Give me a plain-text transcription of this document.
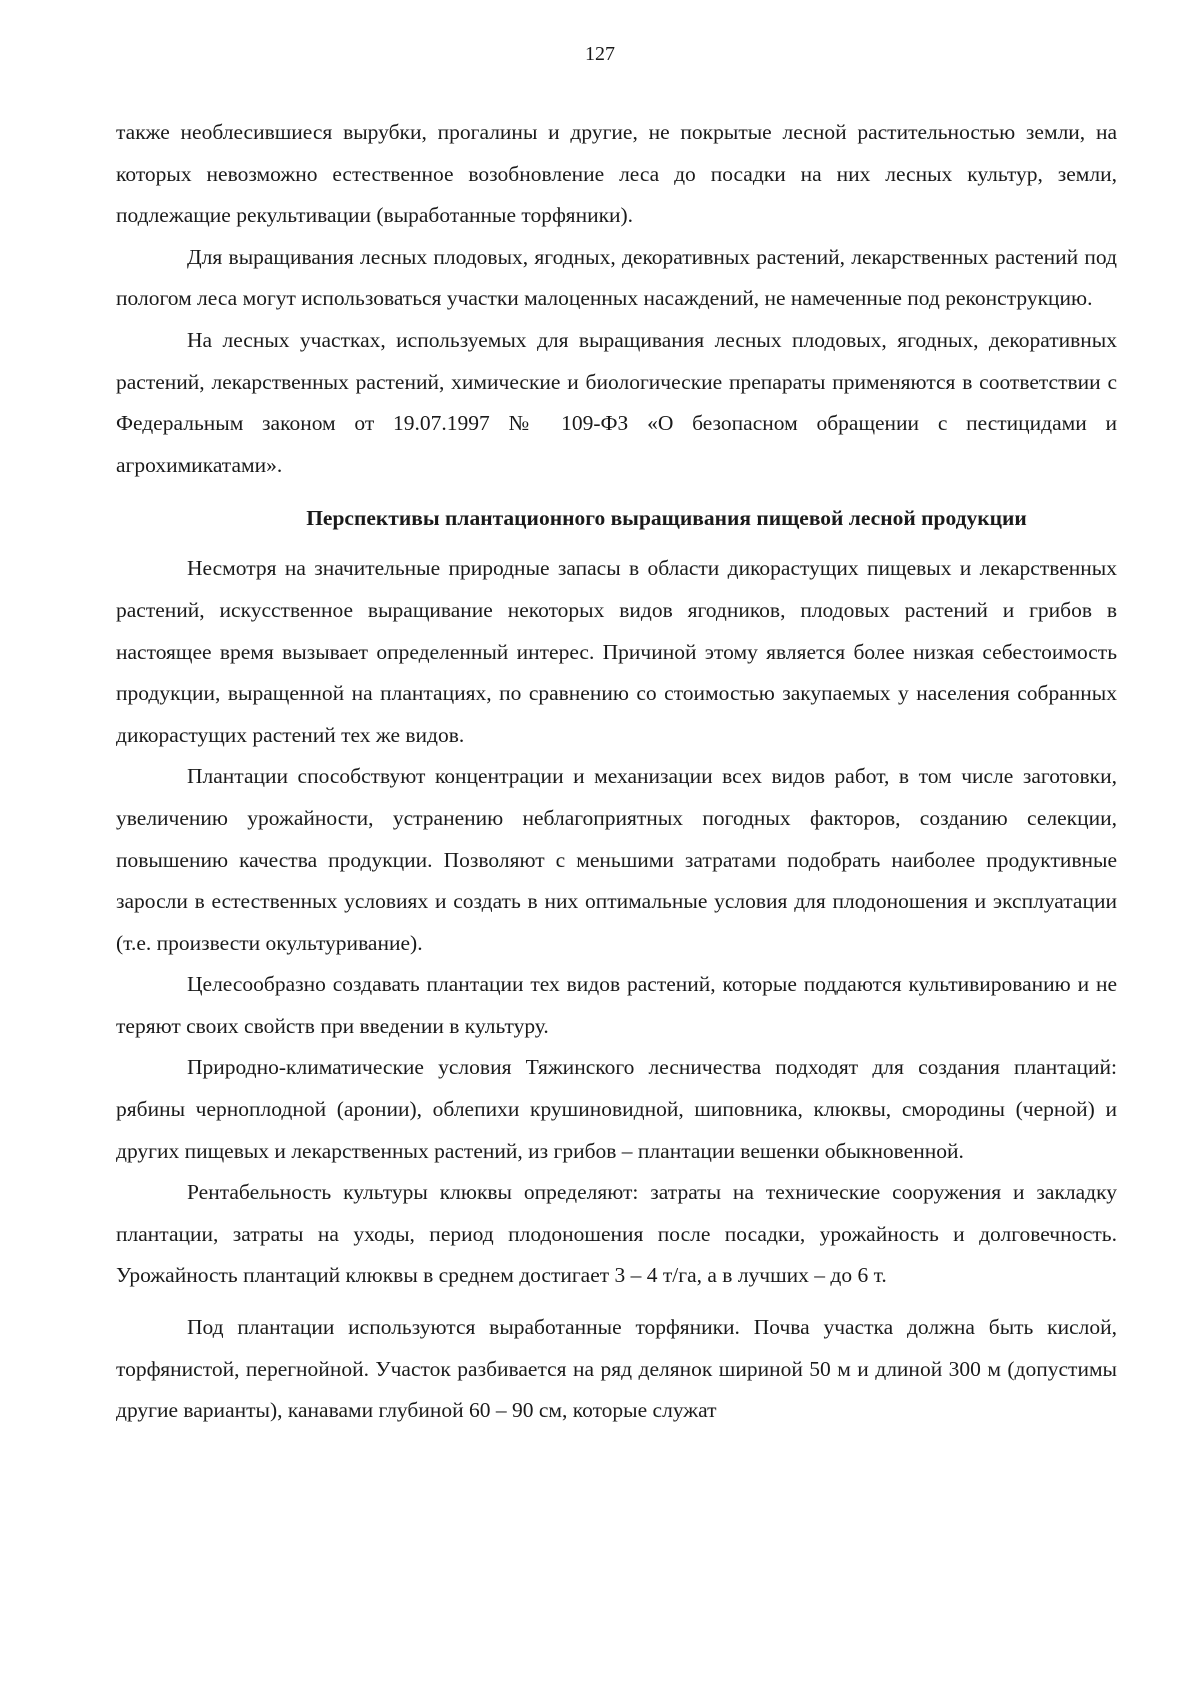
127

также необлесившиеся вырубки, прогалины и другие, не покрытые лесной растительностью земли, на которых невозможно естественное возобновление леса до посадки на них лесных культур, земли, подлежащие рекультивации (выработанные торфяники).

Для выращивания лесных плодовых, ягодных, декоративных растений, лекарственных растений под пологом леса могут использоваться участки малоценных насаждений, не намеченные под реконструкцию.

На лесных участках, используемых для выращивания лесных плодовых, ягодных, декоративных растений, лекарственных растений, химические и биологические препараты применяются в соответствии с Федеральным законом от 19.07.1997 № 109-ФЗ «О безопасном обращении с пестицидами и агрохимикатами».

Перспективы плантационного выращивания пищевой лесной продукции

Несмотря на значительные природные запасы в области дикорастущих пищевых и лекарственных растений, искусственное выращивание некоторых видов ягодников, плодовых растений и грибов в настоящее время вызывает определенный интерес. Причиной этому является более низкая себестоимость продукции, выращенной на плантациях, по сравнению со стоимостью закупаемых у населения собранных дикорастущих растений тех же видов.

Плантации способствуют концентрации и механизации всех видов работ, в том числе заготовки, увеличению урожайности, устранению неблагоприятных погодных факторов, созданию селекции, повышению качества продукции. Позволяют с меньшими затратами подобрать наиболее продуктивные заросли в естественных условиях и создать в них оптимальные условия для плодоношения и эксплуатации (т.е. произвести окультуривание).

Целесообразно создавать плантации тех видов растений, которые поддаются культивированию и не теряют своих свойств при введении в культуру.

Природно-климатические условия Тяжинского лесничества подходят для создания плантаций: рябины черноплодной (аронии), облепихи крушиновидной, шиповника, клюквы, смородины (черной) и других пищевых и лекарственных растений, из грибов – плантации вешенки обыкновенной.

Рентабельность культуры клюквы определяют: затраты на технические сооружения и закладку плантации, затраты на уходы, период плодоношения после посадки, урожайность и долговечность. Урожайность плантаций клюквы в среднем достигает 3 – 4 т/га, а в лучших – до 6 т.

Под плантации используются выработанные торфяники. Почва участка должна быть кислой, торфянистой, перегнойной. Участок разбивается на ряд делянок шириной 50 м и длиной 300 м (допустимы другие варианты), канавами глубиной 60 – 90 см, которые служат
